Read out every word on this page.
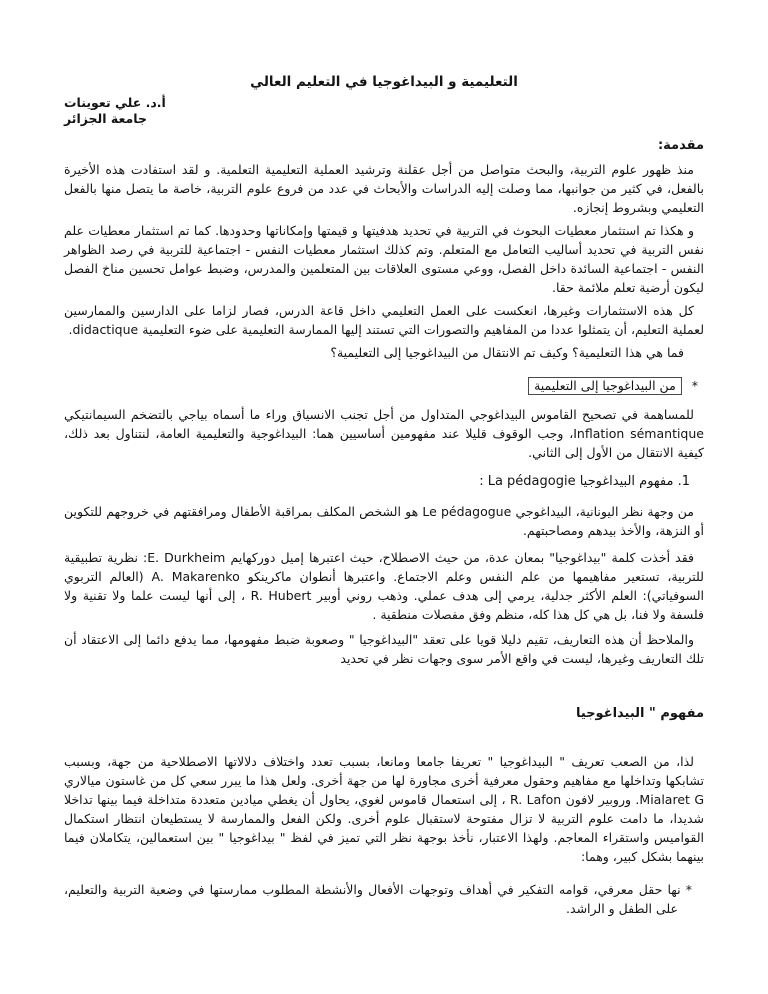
التعليمية و البيداغوجيا في التعليم العالي
أ.د. علي تعوينات
جامعة الجزائر
مقدمة:

منذ ظهور علوم التربية، والبحث متواصل من أجل عقلنة وترشيد العملية التعليمية التعلمية. و لقد استفادت هذه الأخيرة بالفعل، في كثير من جوانبها، مما وصلت إليه الدراسات والأبحاث في عدد من فروع علوم التربية، خاصة ما يتصل منها بالفعل التعليمي وبشروط إنجازه.

و هكذا تم استثمار معطيات البحوث في التربية في تحديد هدفيتها و قيمتها وإمكاناتها وحدودها. كما تم استثمار معطيات علم نفس التربية في تحديد أساليب التعامل مع المتعلم. وتم كذلك استثمار معطيات النفس - اجتماعية للتربية في رصد الظواهر النفس - اجتماعية السائدة داخل الفصل، ووعي مستوى العلاقات بين المتعلمين والمدرس، وضبط عوامل تحسين مناخ الفصل ليكون أرضية تعلم ملائمة حقا.

كل هذه الاستثمارات وغيرها، انعكست على العمل التعليمي داخل قاعة الدرس، فصار لزاما على الدارسين والممارسين لعملية التعليم، أن يتمثلوا عددا من المفاهيم والتصورات التي تستند إليها الممارسة التعليمية على ضوء التعليمية didactique.

فما هي هذا التعليمية؟ وكيف تم الانتقال من البيداغوجيا إلى التعليمية؟

* من البيداغوجيا إلى التعليمية

للمساهمة في تصحيح القاموس البيداغوجي المتداول من أجل تجنب الانسياق وراء ما أسماه بياجي بالتضخم السيمانتيكي Inflation sémantique، وجب الوقوف قليلا عند مفهومين أساسيين هما: البيداغوجية والتعليمية العامة، لنتناول بعد ذلك، كيفية الانتقال من الأول إلى الثاني.

1. مفهوم البيداغوجيا La pédagogie :

من وجهة نظر اليونانية، البيداغوجي Le pédagogue هو الشخص المكلف بمراقبة الأطفال ومرافقتهم في خروجهم للتكوين أو النزهة، والأخذ بيدهم ومصاحبتهم.

فقد أخذت كلمة "بيداغوجيا" بمعان عدة، من حيث الاصطلاح، حيث اعتبرها إميل دوركهايم E. Durkheim: نظرية تطبيقية للتربية، تستعير مفاهيمها من علم النفس وعلم الاجتماع. واعتبرها أنطوان ماكرينكو A. Makarenko (العالم التربوي السوفياتي): العلم الأكثر جدلية، يرمي إلى هدف عملي. وذهب روني أوبير R. Hubert ، إلى أنها ليست علما ولا تقنية ولا فلسفة ولا فنا، بل هي كل هذا كله، منظم وفق مفصلات منطقية .

والملاحظ أن هذه التعاريف، تقيم دليلا قويا على تعقد "البيداغوجيا " وصعوبة ضبط مفهومها، مما يدفع دائما إلى الاعتقاد أن تلك التعاريف وغيرها، ليست في واقع الأمر سوى وجهات نظر في تحديد

مفهوم " البيداغوجيا

لذا، من الصعب تعريف " البيداغوجيا " تعريفا جامعا ومانعا، بسبب تعدد واختلاف دلالاتها الاصطلاحية من جهة، وبسبب تشابكها وتداخلها مع مفاهيم وحقول معرفية أخرى مجاورة لها من جهة أخرى. ولعل هذا ما يبرر سعي كل من غاستون ميالاري Mialaret G. وروبير لافون R. Lafon ، إلى استعمال قاموس لغوي، يحاول أن يغطي ميادين متعددة متداخلة فيما بينها تداخلا شديدا، ما دامت علوم التربية لا تزال مفتوحة لاستقبال علوم أخرى. ولكن الفعل والممارسة لا يستطيعان انتظار استكمال القواميس واستقراء المعاجم. ولهذا الاعتبار، نأخذ بوجهة نظر التي تميز في لفظ " بيداغوجيا " بين استعمالين، يتكاملان فيما بينهما بشكل كبير، وهما:

* نها حقل معرفي، قوامه التفكير في أهداف وتوجهات الأفعال والأنشطة المطلوب ممارستها في وضعية التربية والتعليم، على الطفل و الراشد.
